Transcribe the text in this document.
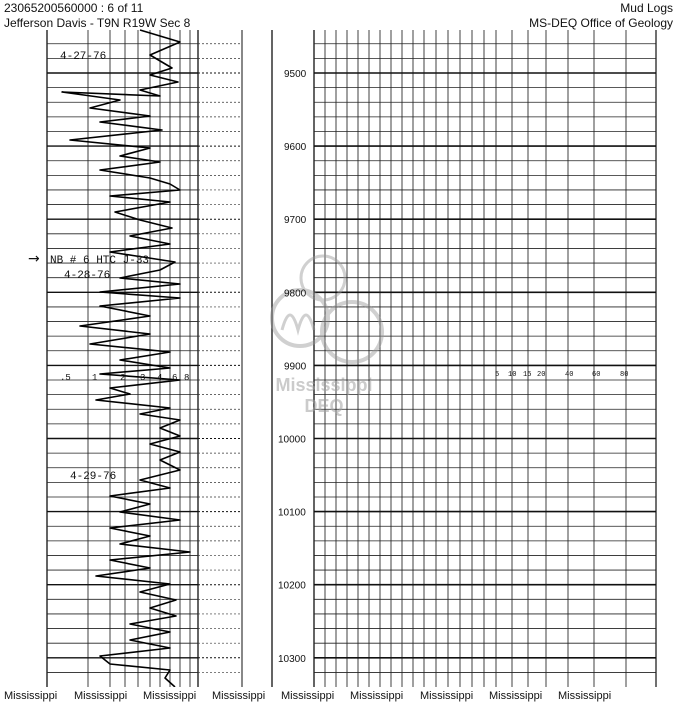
23065200560000 : 6 of 11
Jefferson Davis - T9N R19W Sec 8
Mud Logs
MS-DEQ Office of Geology
9500
9600
9700
9800
9900
10000
10100
10200
10300
.5 1	2 3 4 6 8	5 10 15 20	40	60	80
4-27-76
4-28-76
4-29-76
→ NB # 6 HTC J-33
Mississippi
DEQ
Mississippi Mississippi Mississippi Mississippi Mississippi Mississippi Mississippi Mississippi Mississippi
